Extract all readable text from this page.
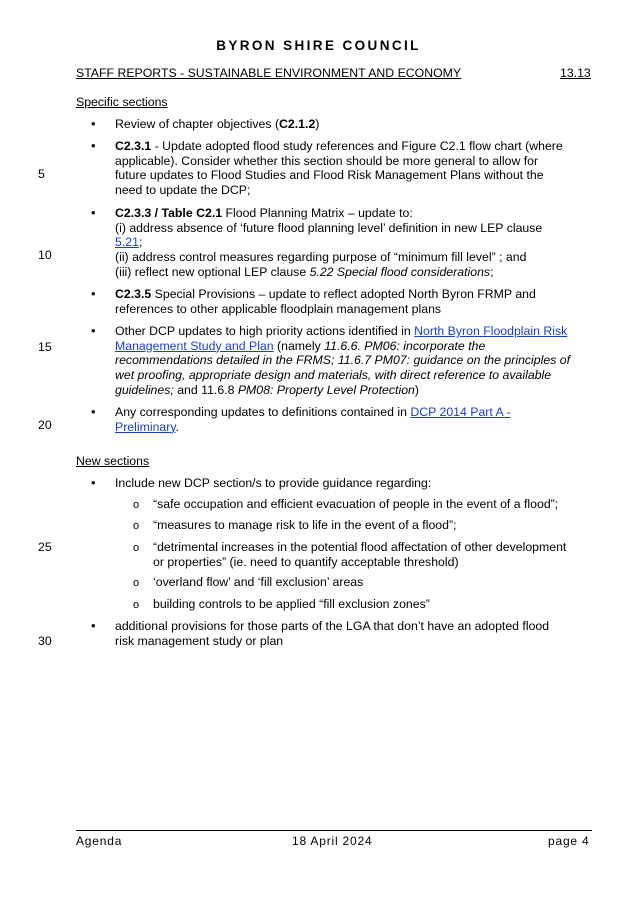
BYRON SHIRE COUNCIL
STAFF REPORTS - SUSTAINABLE ENVIRONMENT AND ECONOMY	13.13
5
10
15
20
25
30
Specific sections
• Review of chapter objectives (C2.1.2)
• C2.3.1 - Update adopted flood study references and Figure C2.1 flow chart (where
applicable). Consider whether this section should be more general to allow for
future updates to Flood Studies and Flood Risk Management Plans without the
need to update the DCP;
• C2.3.3 / Table C2.1 Flood Planning Matrix – update to:
(i) address absence of ‘future flood planning level’ definition in new LEP clause
5.21;
(ii) address control measures regarding purpose of “minimum fill level” ; and
(iii) reflect new optional LEP clause 5.22 Special flood considerations;
• C2.3.5 Special Provisions – update to reflect adopted North Byron FRMP and
references to other applicable floodplain management plans
• Other DCP updates to high priority actions identified in North Byron Floodplain Risk
Management Study and Plan (namely 11.6.6. PM06: incorporate the
recommendations detailed in the FRMS; 11.6.7 PM07: guidance on the principles of
wet proofing, appropriate design and materials, with direct reference to available
guidelines; and 11.6.8 PM08: Property Level Protection)
• Any corresponding updates to definitions contained in DCP 2014 Part A -
Preliminary.
New sections
• Include new DCP section/s to provide guidance regarding:
o “safe occupation and efficient evacuation of people in the event of a flood”;
o “measures to manage risk to life in the event of a flood”;
o “detrimental increases in the potential flood affectation of other development
or properties” (ie. need to quantify acceptable threshold)
o ‘overland flow’ and ‘fill exclusion’ areas
o building controls to be applied “fill exclusion zones”
• additional provisions for those parts of the LGA that don’t have an adopted flood
risk management study or plan
Agenda	18 April 2024	page 4
